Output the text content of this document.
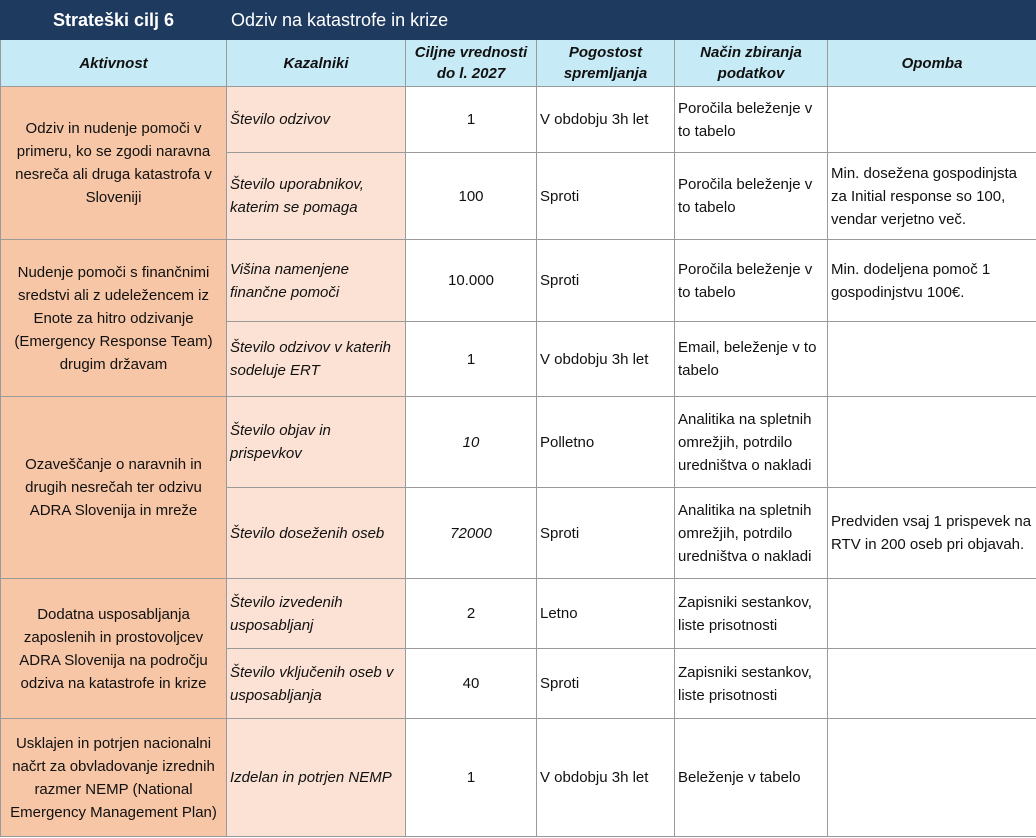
Strateški cilj 6	Odziv na katastrofe in krize				
Aktivnost	Kazalniki	Ciljne vrednosti do l. 2027	Pogostost spremljanja	Način zbiranja podatkov	Opomba
Odziv in nudenje pomoči v primeru, ko se zgodi naravna nesreča ali druga katastrofa v Sloveniji	Število odzivov	1	V obdobju 3h let	Poročila beleženje v to tabelo	
	Število uporabnikov, katerim se pomaga	100	Sproti	Poročila beleženje v to tabelo	Min. dosežena gospodinjsta za Initial response so 100, vendar verjetno več.
Nudenje pomoči s finančnimi sredstvi ali z udeležencem iz Enote za hitro odzivanje (Emergency Response Team) drugim državam	Višina namenjene finančne pomoči	10.000	Sproti	Poročila beleženje v to tabelo	Min. dodeljena pomoč 1 gospodinjstvu 100€.
	Število odzivov v katerih sodeluje ERT	1	V obdobju 3h let	Email, beleženje v to tabelo	
Ozaveščanje o naravnih in drugih nesrečah ter odzivu ADRA Slovenija in mreže	Število objav in prispevkov	10	Polletno	Analitika na spletnih omrežjih, potrdilo uredništva o nakladi	
	Število doseženih oseb	72000	Sproti	Analitika na spletnih omrežjih, potrdilo uredništva o nakladi	Predviden vsaj 1 prispevek na RTV in 200 oseb pri objavah.
Dodatna usposabljanja zaposlenih in prostovoljcev ADRA Slovenija na področju odziva na katastrofe in krize	Število izvedenih usposabljanj	2	Letno	Zapisniki sestankov, liste prisotnosti	
	Število vključenih oseb v usposabljanja	40	Sproti	Zapisniki sestankov, liste prisotnosti	
Usklajen in potrjen nacionalni načrt za obvladovanje izrednih razmer NEMP (National Emergency Management Plan)	Izdelan in potrjen NEMP	1	V obdobju 3h let	Beleženje v tabelo	
